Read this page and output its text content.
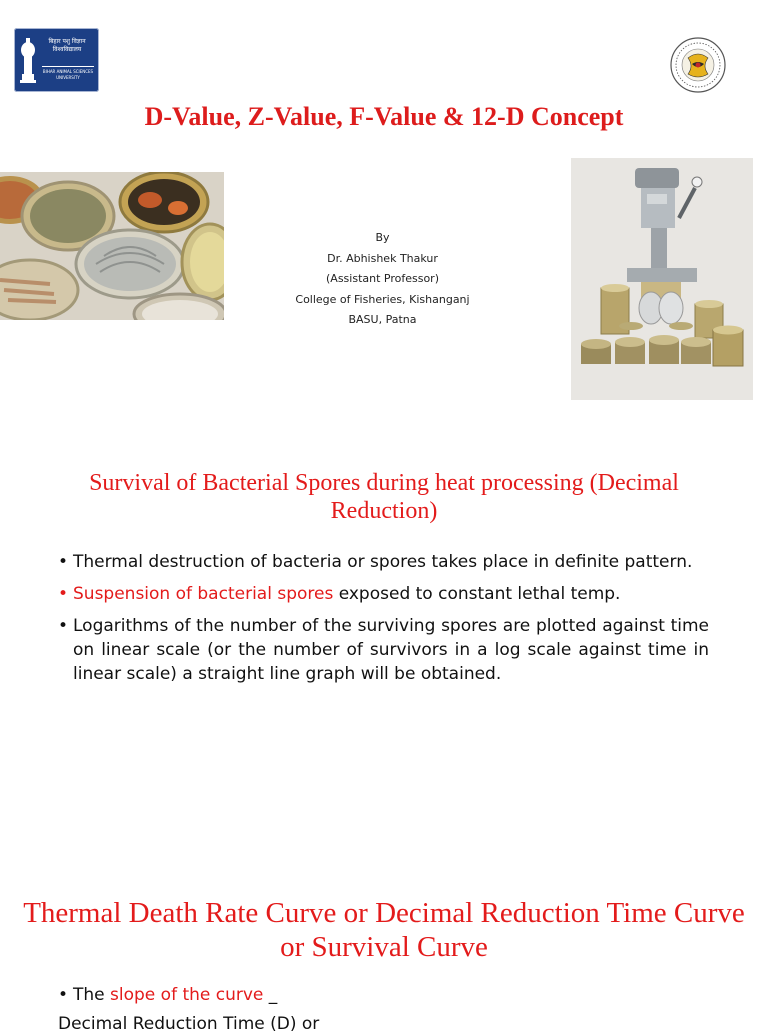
बिहार पशु विज्ञान
विश्वविद्यालय
BIHAR ANIMAL SCIENCES UNIVERSITY
D-Value, Z-Value, F-Value & 12-D Concept
By
Dr. Abhishek Thakur
(Assistant Professor)
College of Fisheries, Kishanganj
BASU, Patna
Survival of Bacterial Spores during heat processing (Decimal Reduction)
• Thermal destruction of bacteria or spores takes place in definite pattern.
• Suspension of bacterial spores exposed to constant lethal temp.
• Logarithms of the number of the surviving spores are plotted against time on linear scale (or the number of survivors in a log scale against time in linear scale) a straight line graph will be obtained.
Thermal Death Rate Curve or Decimal Reduction Time Curve or Survival Curve
• The slope of the curve _
Decimal Reduction Time (D) or
